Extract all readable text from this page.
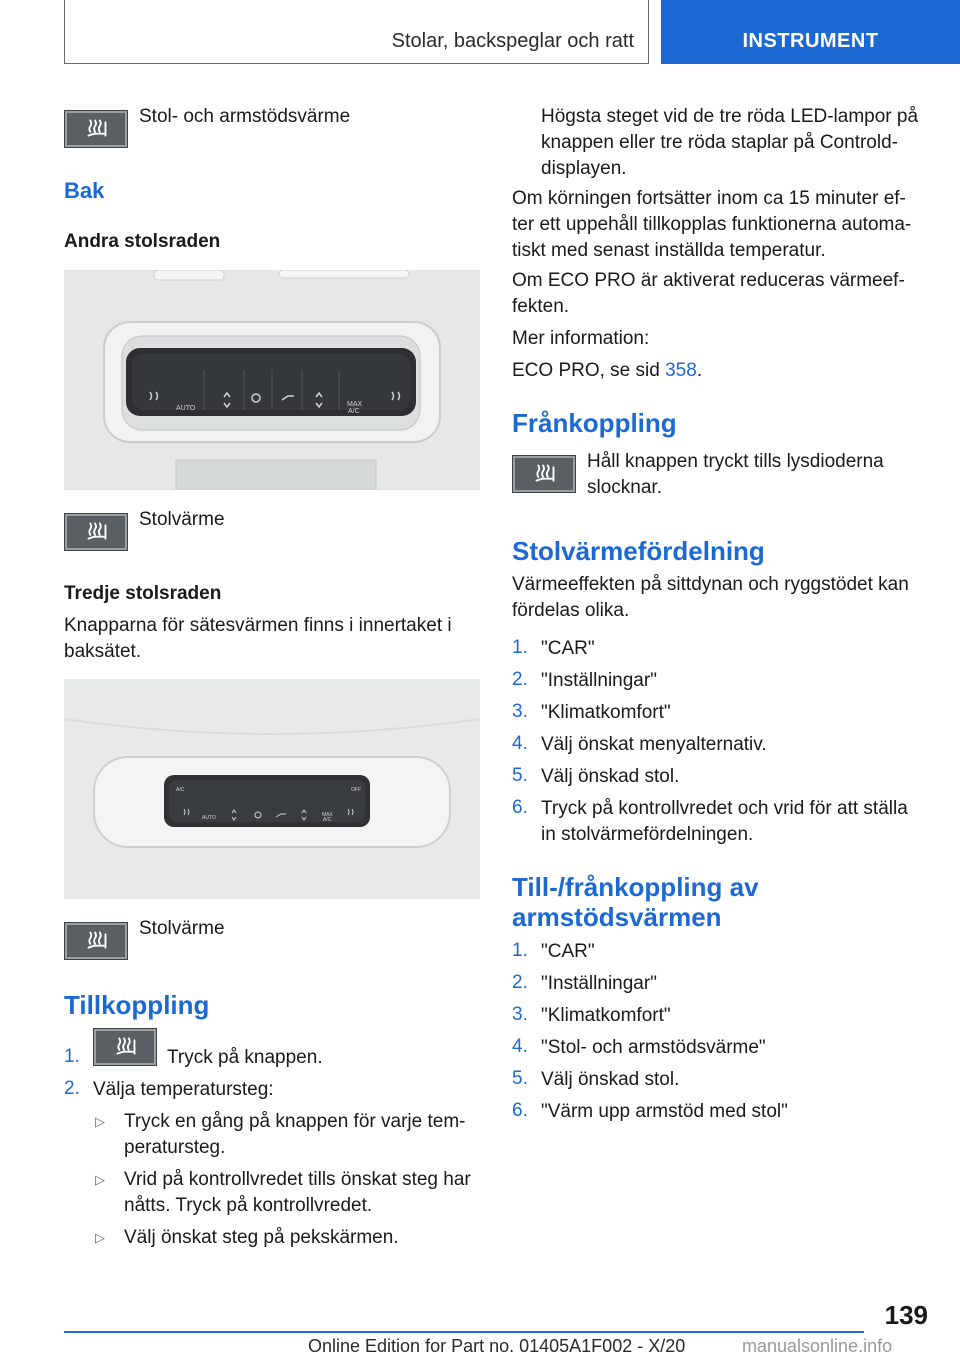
Stolar, backspeglar och ratt	INSTRUMENT
Stol- och armstödsvärme
Bak
Andra stolsraden
AUTO
MAX
A/C
Stolvärme
Tredje stolsraden
Knapparna för sätesvärmen finns i innertaket i
baksätet.
A/C	OFF
AUTO	MAX
A/C
Stolvärme
Tillkoppling
1.	Tryck på knappen.
2. Välja temperatursteg:
▷ Tryck en gång på knappen för varje tem-
peratursteg.
▷ Vrid på kontrollvredet tills önskat steg har
nåtts. Tryck på kontrollvredet.
▷ Välj önskat steg på pekskärmen.
Högsta steget vid de tre röda LED-lampor på
knappen eller tre röda staplar på Controld-
displayen.
Om körningen fortsätter inom ca 15 minuter ef-
ter ett uppehåll tillkopplas funktionerna automa-
tiskt med senast inställda temperatur.
Om ECO PRO är aktiverat reduceras värmeef-
fekten.
Mer information:
ECO PRO, se sid 358.
Frånkoppling
Håll knappen tryckt tills lysdioderna
slocknar.
Stolvärmefördelning
Värmeeffekten på sittdynan och ryggstödet kan
fördelas olika.
1. "CAR"
2. "Inställningar"
3. "Klimatkomfort"
4. Välj önskat menyalternativ.
5. Välj önskad stol.
6. Tryck på kontrollvredet och vrid för att ställa
in stolvärmefördelningen.
Till-/frånkoppling av
armstödsvärmen
1. "CAR"
2. "Inställningar"
3. "Klimatkomfort"
4. "Stol- och armstödsvärme"
5. Välj önskad stol.
6. "Värm upp armstöd med stol"
139
Online Edition for Part no. 01405A1F002 - X/20	manualsonline.info
